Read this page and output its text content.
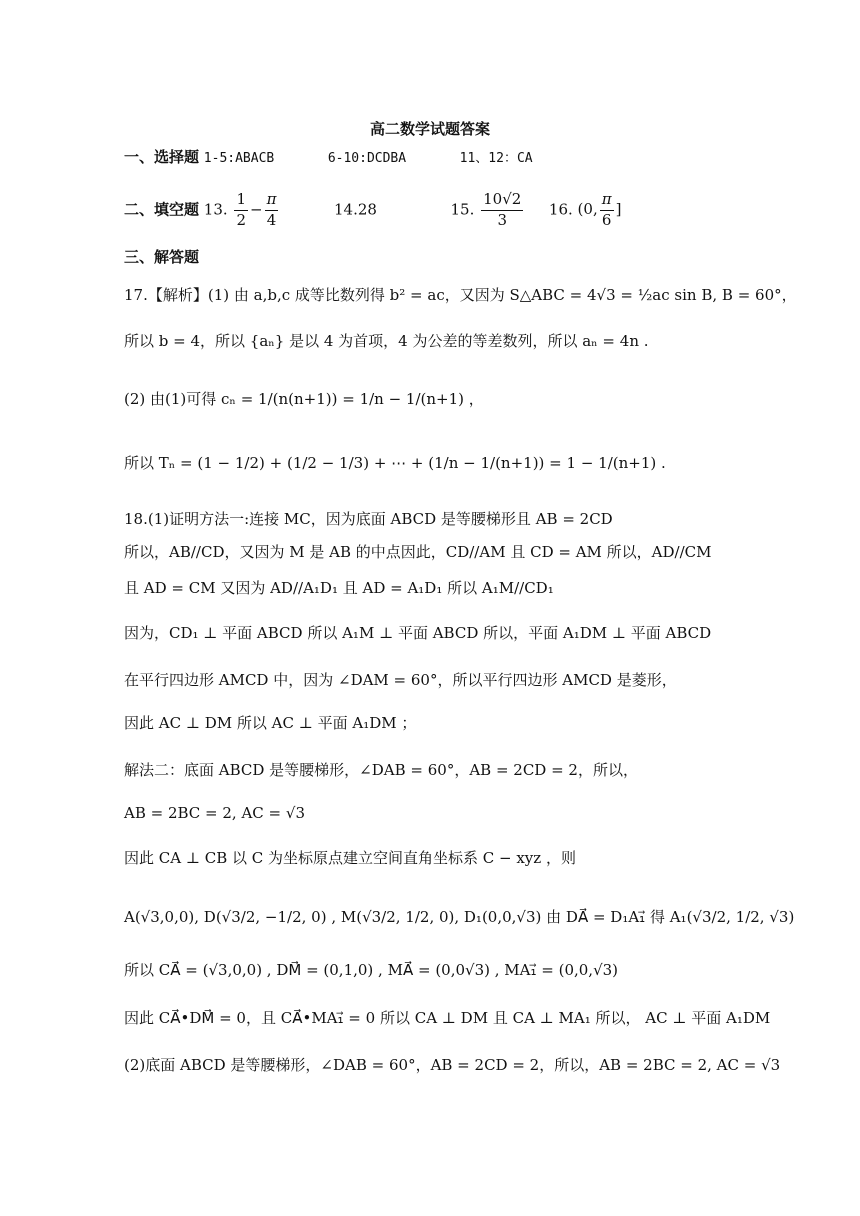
高二数学试题答案
一、选择题 1-5:ABACB	6-10:DCDBA	11、12：CA
二、填空题 13. $\frac{1}{2} - \frac{\pi}{4}$	14.28	15. $\frac{10√2}{3} 16$. (0, $\frac{\pi}{6}$ ]
三、解答题
17.【解析】(1) 由 a,b,c 成等比数列得 b² = ac，又因为 S△ABC = 4√3 = ½ac sin B, B = 60°，
所以 b = 4，所以 {aₙ} 是以 4 为首项，4 为公差的等差数列，所以 aₙ = 4n .
(2) 由(1)可得 cₙ = 1/(n(n+1)) = 1/n − 1/(n+1) ，
所以 Tₙ = (1 − 1/2) + (1/2 − 1/3) + ⋯ + (1/n − 1/(n+1)) = 1 − 1/(n+1) .
18.(1)证明方法一:连接 MC，因为底面 ABCD 是等腰梯形且 AB = 2CD
所以，AB//CD，又因为 M 是 AB 的中点因此，CD//AM 且 CD = AM 所以，AD//CM
且 AD = CM 又因为 AD//A₁D₁ 且 AD = A₁D₁ 所以 A₁M//CD₁
因为，CD₁ ⊥ 平面 ABCD 所以 A₁M ⊥ 平面 ABCD 所以，平面 A₁DM ⊥ 平面 ABCD
在平行四边形 AMCD 中，因为 ∠DAM = 60°，所以平行四边形 AMCD 是菱形，
因此 AC ⊥ DM 所以 AC ⊥ 平面 A₁DM ；
解法二：底面 ABCD 是等腰梯形，∠DAB = 60°，AB = 2CD = 2，所以，
AB = 2BC = 2, AC = √3
因此 CA ⊥ CB 以 C 为坐标原点建立空间直角坐标系 C − xyz ，则
A(√3,0,0), D(√3/2, −1/2, 0) , M(√3/2, 1/2, 0), D₁(0,0,√3) 由 DA⃗ = D₁A₁⃗ 得 A₁(√3/2, 1/2, √3)
所以 CA⃗ = (√3,0,0) , DM⃗ = (0,1,0) , MA⃗ = (0,0√3) , MA₁⃗ = (0,0,√3)
因此 CA⃗•DM⃗ = 0，且 CA⃗•MA₁⃗ = 0 所以 CA ⊥ DM 且 CA ⊥ MA₁ 所以， AC ⊥ 平面 A₁DM
(2)底面 ABCD 是等腰梯形，∠DAB = 60°，AB = 2CD = 2，所以，AB = 2BC = 2, AC = √3
